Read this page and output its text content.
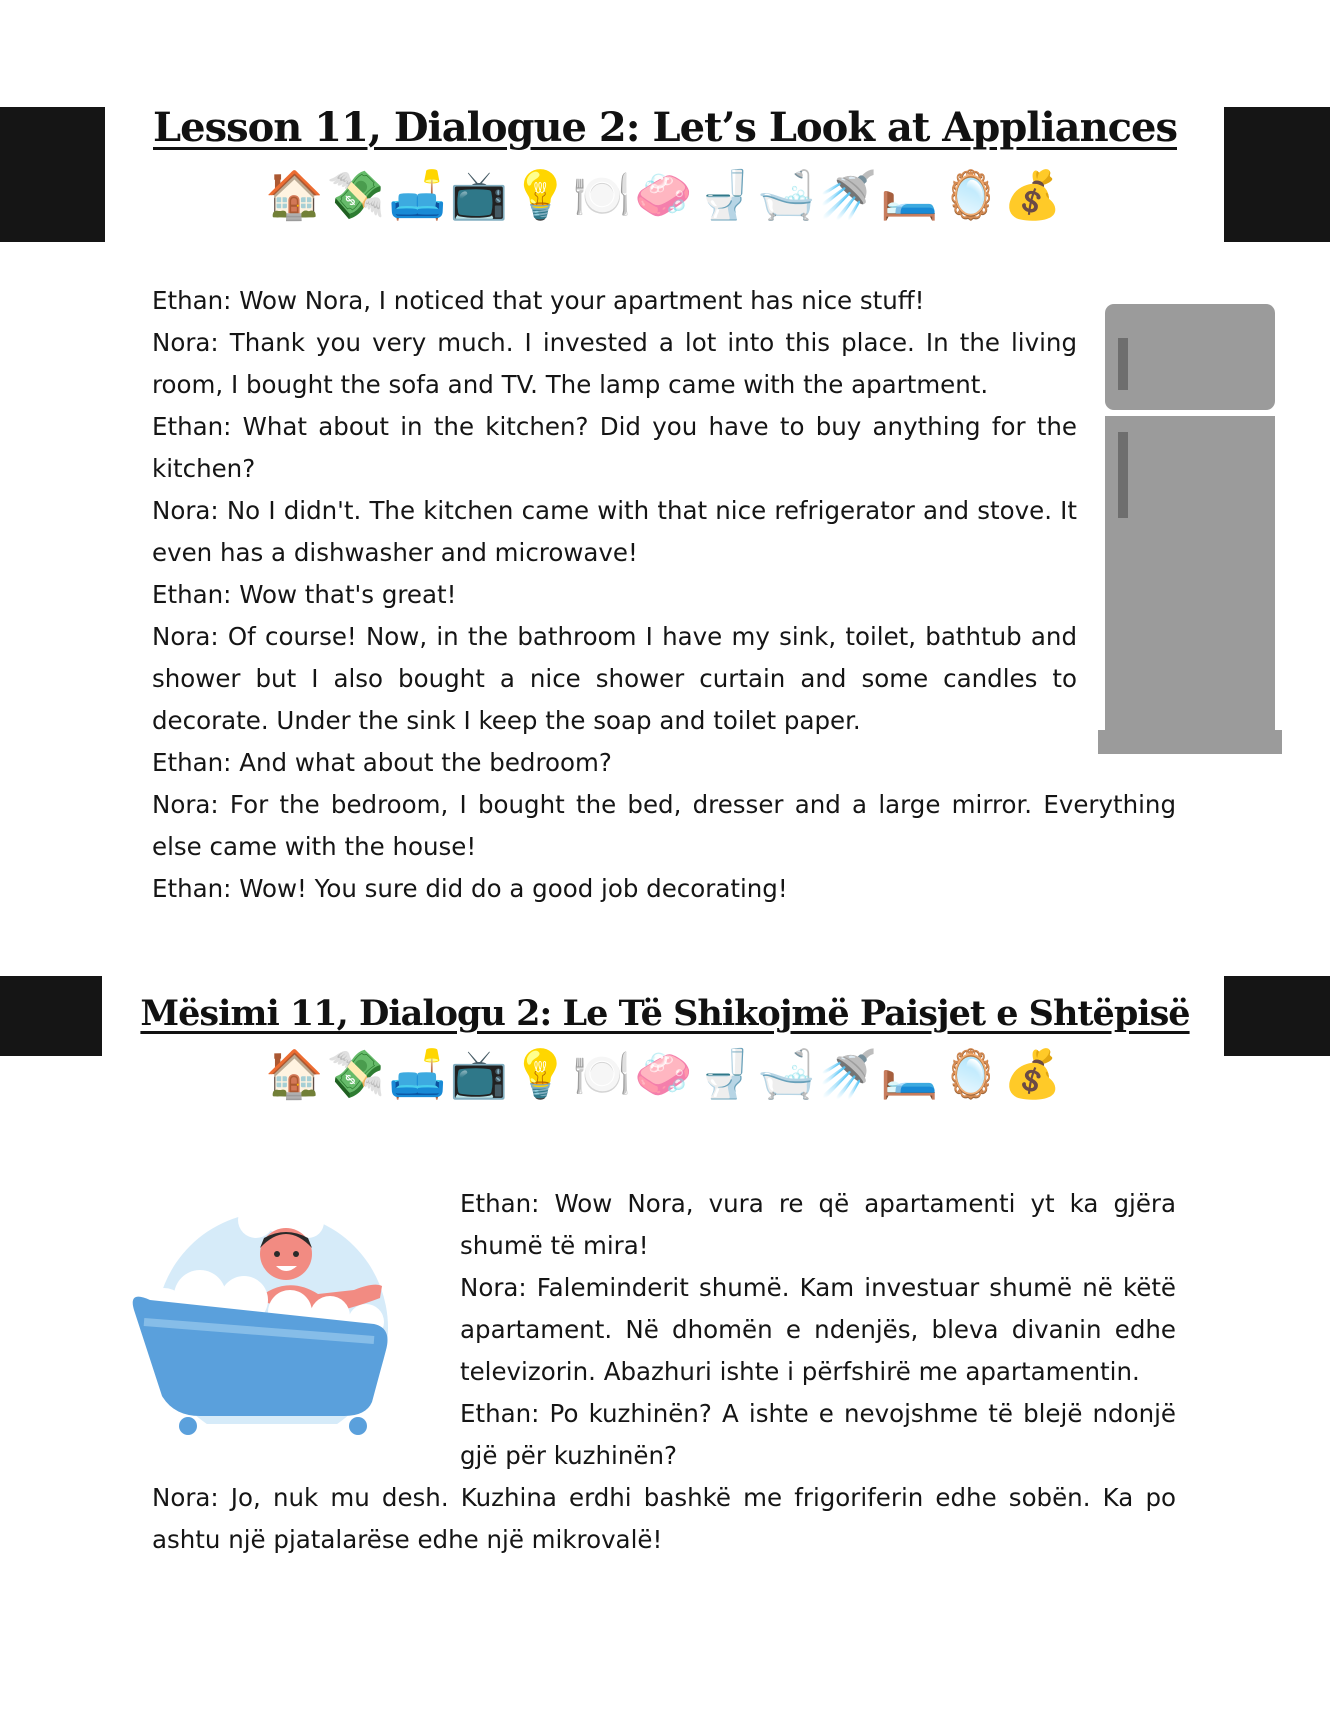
Lesson 11, Dialogue 2: Let’s Look at Appliances
🏠💸🛋️📺💡🍽️🧼🚽🛁🚿🛏️🪞💰

Ethan: Wow Nora, I noticed that your apartment has nice stuff!

Nora: Thank you very much. I invested a lot into this place. In the living room, I bought the sofa and TV. The lamp came with the apartment.

Ethan: What about in the kitchen? Did you have to buy anything for the kitchen?

Nora: No I didn't. The kitchen came with that nice refrigerator and stove. It even has a dishwasher and microwave!

Ethan: Wow that's great!

Nora: Of course! Now, in the bathroom I have my sink, toilet, bathtub and shower but I also bought a nice shower curtain and some candles to decorate. Under the sink I keep the soap and toilet paper.

Ethan: And what about the bedroom?

Nora: For the bedroom, I bought the bed, dresser and a large mirror. Everything else came with the house!

Ethan: Wow! You sure did do a good job decorating!

Mësimi 11, Dialogu 2: Le Të Shikojmë Paisjet e Shtëpisë
🏠💸🛋️📺💡🍽️🧼🚽🛁🚿🛏️🪞💰

Ethan: Wow Nora, vura re që apartamenti yt ka gjëra shumë të mira!

Nora: Faleminderit shumë. Kam investuar shumë në këtë apartament. Në dhomën e ndenjës, bleva divanin edhe televizorin. Abazhuri ishte i përfshirë me apartamentin.

Ethan: Po kuzhinën? A ishte e nevojshme të blejë ndonjë gjë për kuzhinën?

Nora: Jo, nuk mu desh. Kuzhina erdhi bashkë me frigoriferin edhe sobën. Ka po ashtu një pjatalarëse edhe një mikrovalë!
